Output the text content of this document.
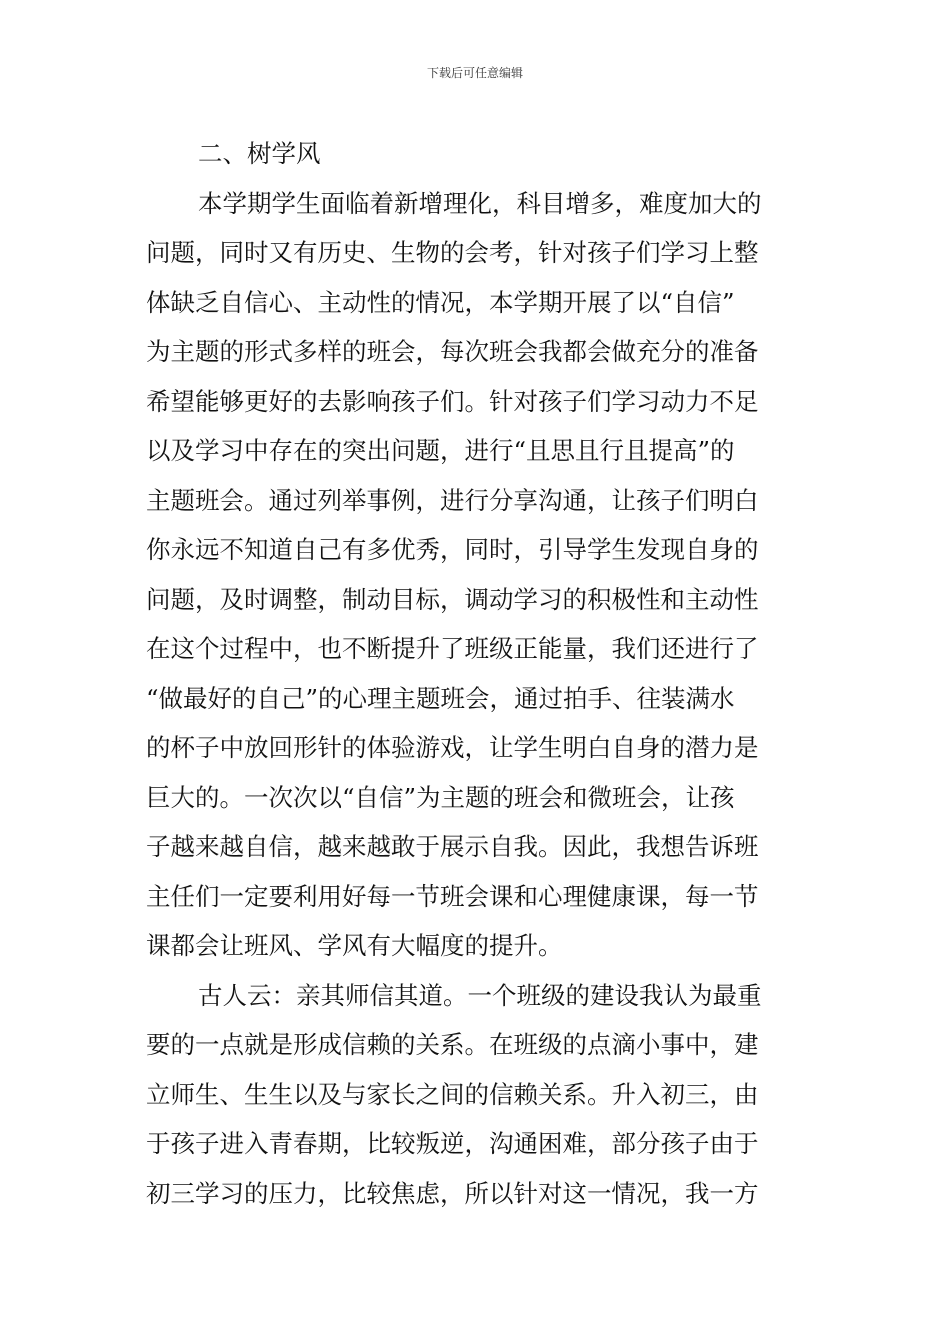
下载后可任意编辑
二、树学风
本学期学生面临着新增理化，科目增多，难度加大的
问题，同时又有历史、生物的会考，针对孩子们学习上整
体缺乏自信心、主动性的情况，本学期开展了以“自信”
为主题的形式多样的班会，每次班会我都会做充分的准备
希望能够更好的去影响孩子们。针对孩子们学习动力不足
以及学习中存在的突出问题，进行“且思且行且提高”的
主题班会。通过列举事例，进行分享沟通，让孩子们明白
你永远不知道自己有多优秀，同时，引导学生发现自身的
问题，及时调整，制动目标，调动学习的积极性和主动性
在这个过程中，也不断提升了班级正能量，我们还进行了
“做最好的自己”的心理主题班会，通过拍手、往装满水
的杯子中放回形针的体验游戏，让学生明白自身的潜力是
巨大的。一次次以“自信”为主题的班会和微班会，让孩
子越来越自信，越来越敢于展示自我。因此，我想告诉班
主任们一定要利用好每一节班会课和心理健康课，每一节
课都会让班风、学风有大幅度的提升。
古人云：亲其师信其道。一个班级的建设我认为最重
要的一点就是形成信赖的关系。在班级的点滴小事中，建
立师生、生生以及与家长之间的信赖关系。升入初三，由
于孩子进入青春期，比较叛逆，沟通困难，部分孩子由于
初三学习的压力，比较焦虑，所以针对这一情况，我一方
